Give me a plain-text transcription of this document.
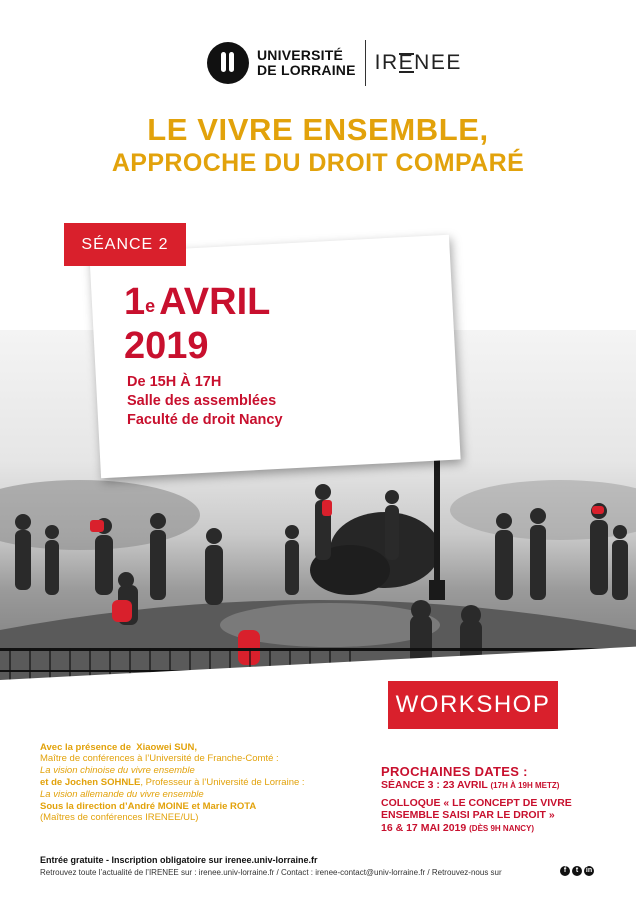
UNIVERSITÉ
DE LORRAINE IRENEE
LE VIVRE ENSEMBLE,
APPROCHE DU DROIT COMPARÉ
SÉANCE 2
1e AVRIL
2019
De 15H À 17H
Salle des assemblées
Faculté de droit Nancy
WORKSHOP
Avec la présence de Xiaowei SUN,
Maître de conférences à l’Université de Franche-Comté :
La vision chinoise du vivre ensemble
et de Jochen SOHNLE, Professeur à l’Université de Lorraine :
La vision allemande du vivre ensemble
Sous la direction d’André MOINE et Marie ROTA
(Maîtres de conférences IRENEE/UL)
PROCHAINES DATES :
SÉANCE 3 : 23 AVRIL (17H À 19H METZ)
COLLOQUE « LE CONCEPT DE VIVRE
ENSEMBLE SAISI PAR LE DROIT »
16 & 17 MAI 2019 (DÈS 9H NANCY)
Entrée gratuite - Inscription obligatoire sur irenee.univ-lorraine.fr
Retrouvez toute l’actualité de l’IRENEE sur : irenee.univ-lorraine.fr / Contact : irenee-contact@univ-lorraine.fr / Retrouvez-nous sur	f	t	in
